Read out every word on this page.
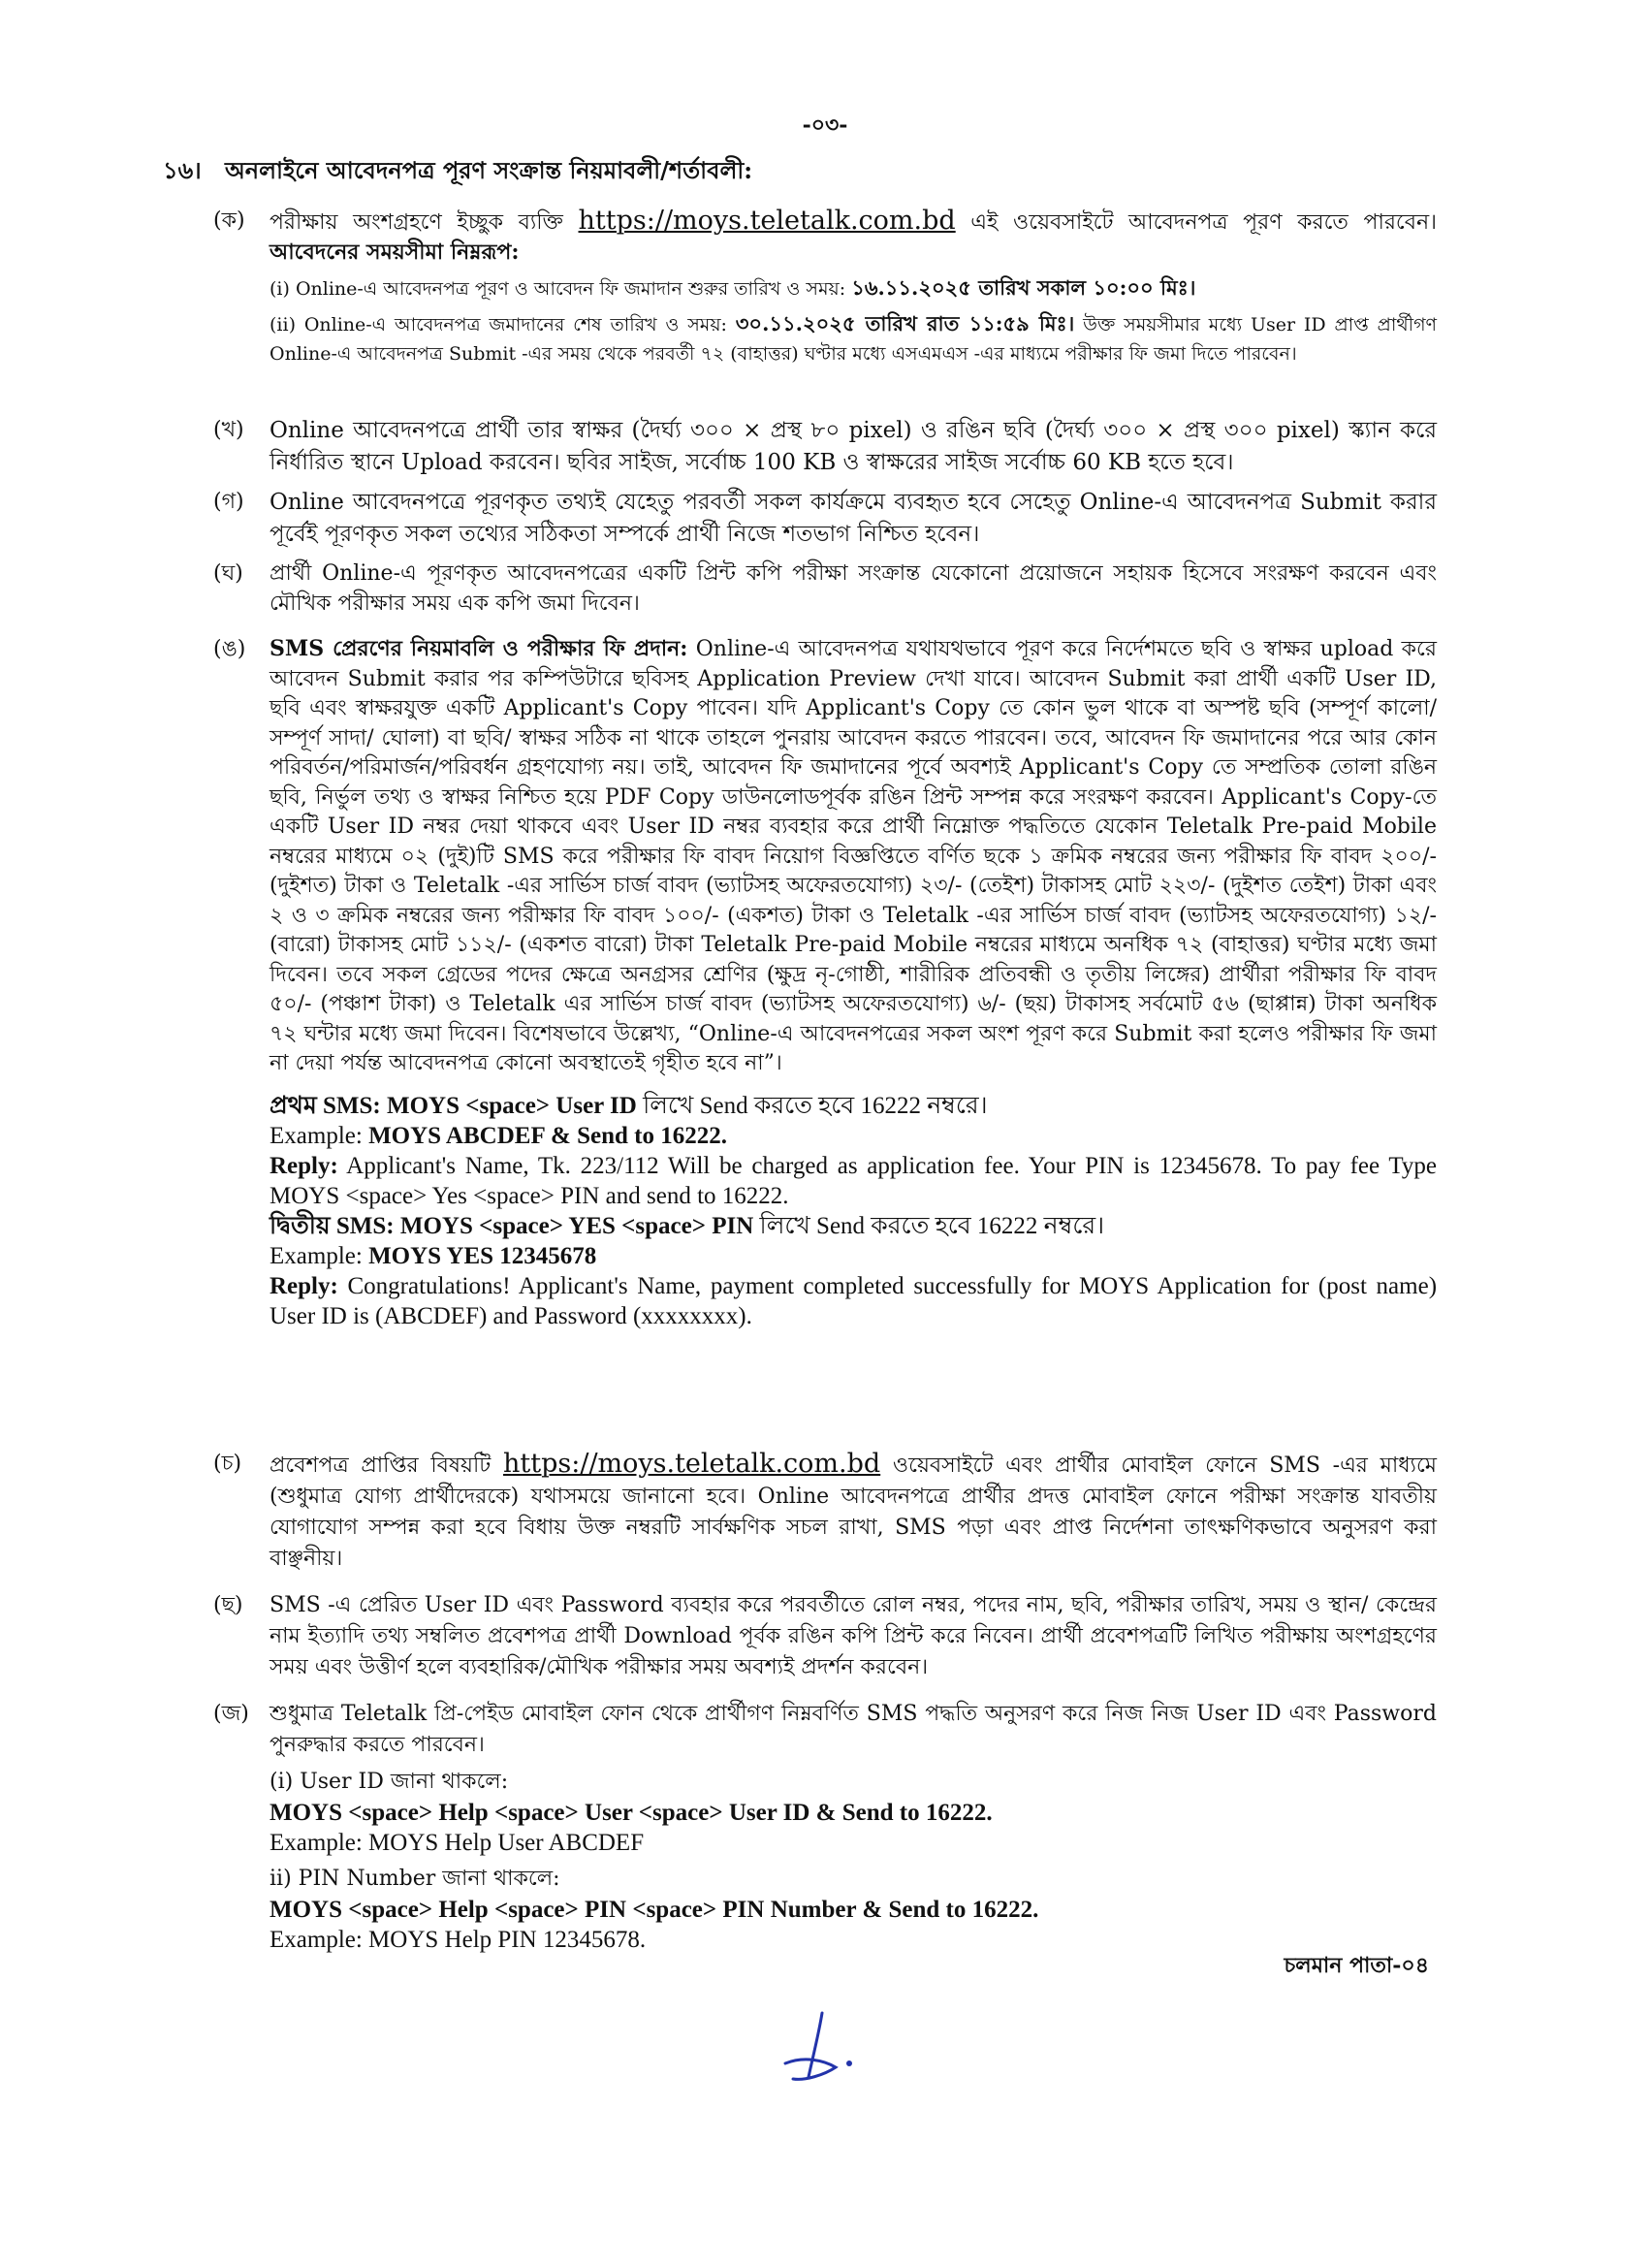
-০৩-
১৬। অনলাইনে আবেদনপত্র পূরণ সংক্রান্ত নিয়মাবলী/শর্তাবলী:
(ক)	পরীক্ষায় অংশগ্রহণে ইচ্ছুক ব্যক্তি https://moys.teletalk.com.bd এই ওয়েবসাইটে আবেদনপত্র পূরণ করতে পারবেন। আবেদনের সময়সীমা নিম্নরূপ:
(i) Online-এ আবেদনপত্র পূরণ ও আবেদন ফি জমাদান শুরুর তারিখ ও সময়: ১৬.১১.২০২৫ তারিখ সকাল ১০:০০ মিঃ।
(ii) Online-এ আবেদনপত্র জমাদানের শেষ তারিখ ও সময়: ৩০.১১.২০২৫ তারিখ রাত ১১:৫৯ মিঃ। উক্ত সময়সীমার মধ্যে User ID প্রাপ্ত প্রার্থীগণ Online-এ আবেদনপত্র Submit -এর সময় থেকে পরবর্তী ৭২ (বাহাত্তর) ঘণ্টার মধ্যে এসএমএস -এর মাধ্যমে পরীক্ষার ফি জমা দিতে পারবেন।
(খ)	Online আবেদনপত্রে প্রার্থী তার স্বাক্ষর (দৈর্ঘ্য ৩০০ × প্রস্থ ৮০ pixel) ও রঙিন ছবি (দৈর্ঘ্য ৩০০ × প্রস্থ ৩০০ pixel) স্ক্যান করে নির্ধারিত স্থানে Upload করবেন। ছবির সাইজ, সর্বোচ্চ 100 KB ও স্বাক্ষরের সাইজ সর্বোচ্চ 60 KB হতে হবে।
(গ)	Online আবেদনপত্রে পূরণকৃত তথ্যই যেহেতু পরবর্তী সকল কার্যক্রমে ব্যবহৃত হবে সেহেতু Online-এ আবেদনপত্র Submit করার পূর্বেই পূরণকৃত সকল তথ্যের সঠিকতা সম্পর্কে প্রার্থী নিজে শতভাগ নিশ্চিত হবেন।
(ঘ)	প্রার্থী Online-এ পূরণকৃত আবেদনপত্রের একটি প্রিন্ট কপি পরীক্ষা সংক্রান্ত যেকোনো প্রয়োজনে সহায়ক হিসেবে সংরক্ষণ করবেন এবং মৌখিক পরীক্ষার সময় এক কপি জমা দিবেন।
(ঙ)	SMS প্রেরণের নিয়মাবলি ও পরীক্ষার ফি প্রদান: Online-এ আবেদনপত্র যথাযথভাবে পূরণ করে নির্দেশমতে ছবি ও স্বাক্ষর upload করে আবেদন Submit করার পর কম্পিউটারে ছবিসহ Application Preview দেখা যাবে। আবেদন Submit করা প্রার্থী একটি User ID, ছবি এবং স্বাক্ষরযুক্ত একটি Applicant's Copy পাবেন। যদি Applicant's Copy তে কোন ভুল থাকে বা অস্পষ্ট ছবি (সম্পূর্ণ কালো/ সম্পূর্ণ সাদা/ ঘোলা) বা ছবি/ স্বাক্ষর সঠিক না থাকে তাহলে পুনরায় আবেদন করতে পারবেন। তবে, আবেদন ফি জমাদানের পরে আর কোন পরিবর্তন/পরিমার্জন/পরিবর্ধন গ্রহণযোগ্য নয়। তাই, আবেদন ফি জমাদানের পূর্বে অবশ্যই Applicant's Copy তে সম্প্রতিক তোলা রঙিন ছবি, নির্ভুল তথ্য ও স্বাক্ষর নিশ্চিত হয়ে PDF Copy ডাউনলোডপূর্বক রঙিন প্রিন্ট সম্পন্ন করে সংরক্ষণ করবেন। Applicant's Copy-তে একটি User ID নম্বর দেয়া থাকবে এবং User ID নম্বর ব্যবহার করে প্রার্থী নিম্নোক্ত পদ্ধতিতে যেকোন Teletalk Pre-paid Mobile নম্বরের মাধ্যমে ০২ (দুই)টি SMS করে পরীক্ষার ফি বাবদ নিয়োগ বিজ্ঞপ্তিতে বর্ণিত ছকে ১ ক্রমিক নম্বরের জন্য পরীক্ষার ফি বাবদ ২০০/- (দুইশত) টাকা ও Teletalk -এর সার্ভিস চার্জ বাবদ (ভ্যাটসহ অফেরতযোগ্য) ২৩/- (তেইশ) টাকাসহ মোট ২২৩/- (দুইশত তেইশ) টাকা এবং ২ ও ৩ ক্রমিক নম্বরের জন্য পরীক্ষার ফি বাবদ ১০০/- (একশত) টাকা ও Teletalk -এর সার্ভিস চার্জ বাবদ (ভ্যাটসহ অফেরতযোগ্য) ১২/- (বারো) টাকাসহ মোট ১১২/- (একশত বারো) টাকা Teletalk Pre-paid Mobile নম্বরের মাধ্যমে অনধিক ৭২ (বাহাত্তর) ঘণ্টার মধ্যে জমা দিবেন। তবে সকল গ্রেডের পদের ক্ষেত্রে অনগ্রসর শ্রেণির (ক্ষুদ্র নৃ-গোষ্ঠী, শারীরিক প্রতিবন্ধী ও তৃতীয় লিঙ্গের) প্রার্থীরা পরীক্ষার ফি বাবদ ৫০/- (পঞ্চাশ টাকা) ও Teletalk এর সার্ভিস চার্জ বাবদ (ভ্যাটসহ অফেরতযোগ্য) ৬/- (ছয়) টাকাসহ সর্বমোট ৫৬ (ছাপ্পান্ন) টাকা অনধিক ৭২ ঘন্টার মধ্যে জমা দিবেন। বিশেষভাবে উল্লেখ্য, “Online-এ আবেদনপত্রের সকল অংশ পূরণ করে Submit করা হলেও পরীক্ষার ফি জমা না দেয়া পর্যন্ত আবেদনপত্র কোনো অবস্থাতেই গৃহীত হবে না”।
প্রথম SMS: MOYS <space> User ID লিখে Send করতে হবে 16222 নম্বরে।
Example: MOYS ABCDEF & Send to 16222.
Reply: Applicant's Name, Tk. 223/112 Will be charged as application fee. Your PIN is 12345678. To pay fee Type MOYS <space> Yes <space> PIN and send to 16222.
দ্বিতীয় SMS: MOYS <space> YES <space> PIN লিখে Send করতে হবে 16222 নম্বরে।
Example: MOYS YES 12345678
Reply: Congratulations! Applicant's Name, payment completed successfully for MOYS Application for (post name) User ID is (ABCDEF) and Password (xxxxxxxx).
(চ)	প্রবেশপত্র প্রাপ্তির বিষয়টি https://moys.teletalk.com.bd ওয়েবসাইটে এবং প্রার্থীর মোবাইল ফোনে SMS -এর মাধ্যমে (শুধুমাত্র যোগ্য প্রার্থীদেরকে) যথাসময়ে জানানো হবে। Online আবেদনপত্রে প্রার্থীর প্রদত্ত মোবাইল ফোনে পরীক্ষা সংক্রান্ত যাবতীয় যোগাযোগ সম্পন্ন করা হবে বিধায় উক্ত নম্বরটি সার্বক্ষণিক সচল রাখা, SMS পড়া এবং প্রাপ্ত নির্দেশনা তাৎক্ষণিকভাবে অনুসরণ করা বাঞ্ছনীয়।
(ছ)	SMS -এ প্রেরিত User ID এবং Password ব্যবহার করে পরবর্তীতে রোল নম্বর, পদের নাম, ছবি, পরীক্ষার তারিখ, সময় ও স্থান/ কেন্দ্রের নাম ইত্যাদি তথ্য সম্বলিত প্রবেশপত্র প্রার্থী Download পূর্বক রঙিন কপি প্রিন্ট করে নিবেন। প্রার্থী প্রবেশপত্রটি লিখিত পরীক্ষায় অংশগ্রহণের সময় এবং উত্তীর্ণ হলে ব্যবহারিক/মৌখিক পরীক্ষার সময় অবশ্যই প্রদর্শন করবেন।
(জ) শুধুমাত্র Teletalk প্রি-পেইড মোবাইল ফোন থেকে প্রার্থীগণ নিম্নবর্ণিত SMS পদ্ধতি অনুসরণ করে নিজ নিজ User ID এবং Password পুনরুদ্ধার করতে পারবেন।
(i) User ID জানা থাকলে:
MOYS <space> Help <space> User <space> User ID & Send to 16222.
Example: MOYS Help User ABCDEF
ii) PIN Number জানা থাকলে:
MOYS <space> Help <space> PIN <space> PIN Number & Send to 16222.
Example: MOYS Help PIN 12345678.
চলমান পাতা-০৪
